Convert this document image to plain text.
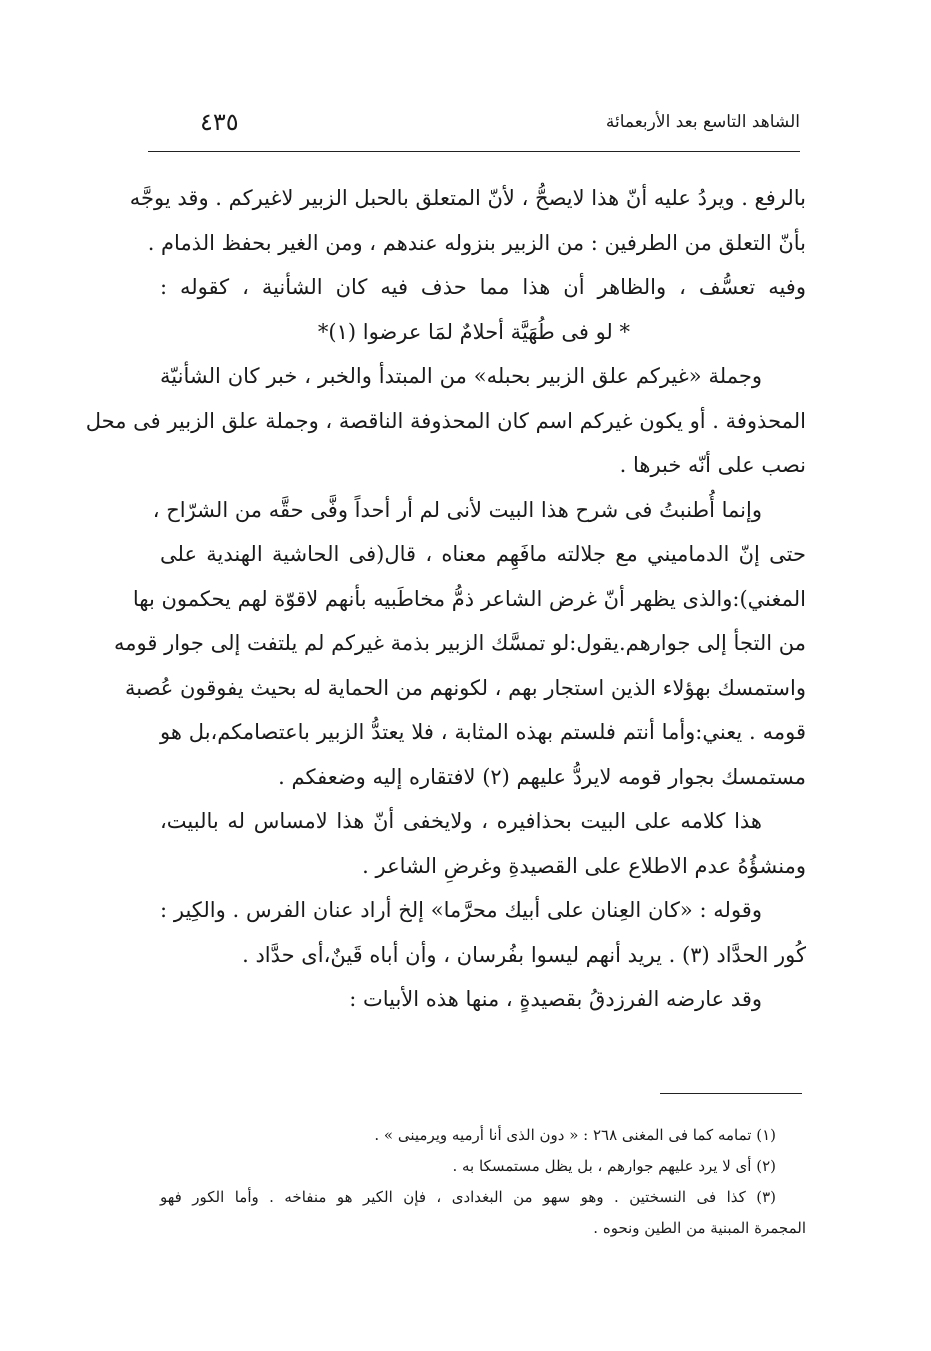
الشاهد التاسع بعد الأربعمائة
٤٣٥
بالرفع . ويردُ عليه أنّ هذا لايصحُّ ، لأنّ المتعلق بالحبل الزبير لاغيركم . وقد يوجَّه
بأنّ التعلق من الطرفين : من الزبير بنزوله عندهم ، ومن الغير بحفظ الذمام .
وفيه تعسُّف ، والظاهر أن هذا مما حذف فيه كان الشأنية ، كقوله :
* لو فى طُهَيَّة أحلامٌ لمَا عرضوا (١)*
وجملة «غيركم علق الزبير بحبله» من المبتدأ والخبر ، خبر كان الشأنيّة
المحذوفة . أو يكون غيركم اسم كان المحذوفة الناقصة ، وجملة علق الزبير فى محل
نصب على أنّه خبرها .
وإنما أُطنبتُ فى شرح هذا البيت لأنى لم أر أحداً وفَّى حقَّه من الشرّاح ،
حتى إنّ الدماميني مع جلالته مافَهِم معناه ، قال(فى الحاشية الهندية على
المغني):والذى يظهر أنّ غرض الشاعر ذمُّ مخاطَبيه بأنهم لاقوّة لهم يحكمون بها
من التجأ إلى جوارهم.يقول:لو تمسَّك الزبير بذمة غيركم لم يلتفت إلى جوار قومه
واستمسك بهؤلاء الذين استجار بهم ، لكونهم من الحماية له بحيث يفوقون عُصبة
قومه . يعني:وأما أنتم فلستم بهذه المثابة ، فلا يعتدُّ الزبير باعتصامكم،بل هو
مستمسك بجوار قومه لايردُّ عليهم (٢) لافتقاره إليه وضعفكم .
هذا كلامه على البيت بحذافيره ، ولايخفى أنّ هذا لامساس له بالبيت،
ومنشؤُهُ عدم الاطلاع على القصيدةِ وغرضِ الشاعر .
وقوله : «كان العِنان على أبيك محرَّما» إلخ أراد عنان الفرس . والكِير :
كُور الحدَّاد (٣) . يريد أنهم ليسوا بفُرسان ، وأن أباه قَينٌ،أى حدَّاد .
وقد عارضه الفرزدقُ بقصيدةٍ ، منها هذه الأبيات :
(١) تمامه كما فى المغنى ٢٦٨ : « دون الذى أنا أرميه ويرمينى » .
(٢) أى لا يرد عليهم جوارهم ، بل يظل مستمسكا به .
(٣) كذا فى النسختين . وهو سهو من البغدادى ، فإن الكير هو منفاخه . وأما الكور فهو
المجمرة المبنية من الطين ونحوه .
